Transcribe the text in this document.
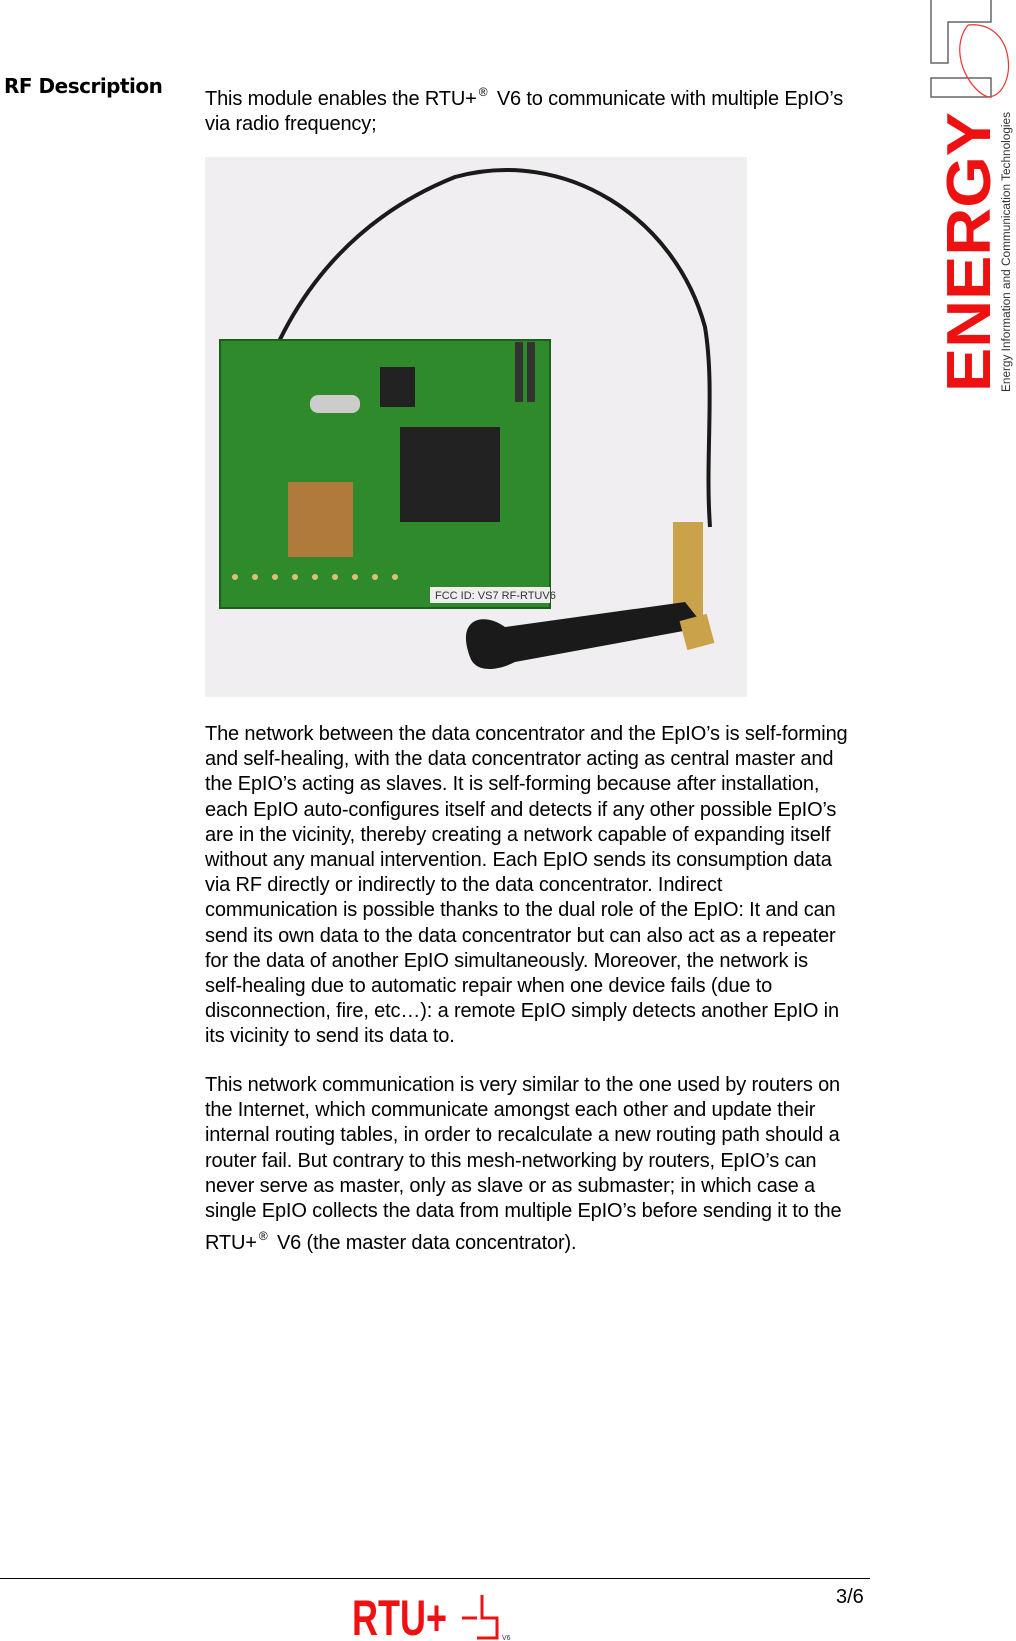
RF Description
This module enables the RTU+ ® V6 to communicate with multiple EpIO’s
via radio frequency;
FCC ID: VS7 RF-RTUV6
The network between the data concentrator and the EpIO’s is self-forming
and self-healing, with the data concentrator acting as central master and
the EpIO’s acting as slaves. It is self-forming because after installation,
each EpIO auto-configures itself and detects if any other possible EpIO’s
are in the vicinity, thereby creating a network capable of expanding itself
without any manual intervention. Each EpIO sends its consumption data
via RF directly or indirectly to the data concentrator. Indirect
communication is possible thanks to the dual role of the EpIO: It and can
send its own data to the data concentrator but can also act as a repeater
for the data of another EpIO simultaneously. Moreover, the network is
self-healing due to automatic repair when one device fails (due to
disconnection, fire, etc…): a remote EpIO simply detects another EpIO in
its vicinity to send its data to.
This network communication is very similar to the one used by routers on
the Internet, which communicate amongst each other and update their
internal routing tables, in order to recalculate a new routing path should a
router fail. But contrary to this mesh-networking by routers, EpIO’s can
never serve as master, only as slave or as submaster; in which case a
single EpIO collects the data from multiple EpIO’s before sending it to the
RTU+ ® V6 (the master data concentrator).
ENERGY
Energy Information and Communication Technologies
RTU+	V6
3/6
